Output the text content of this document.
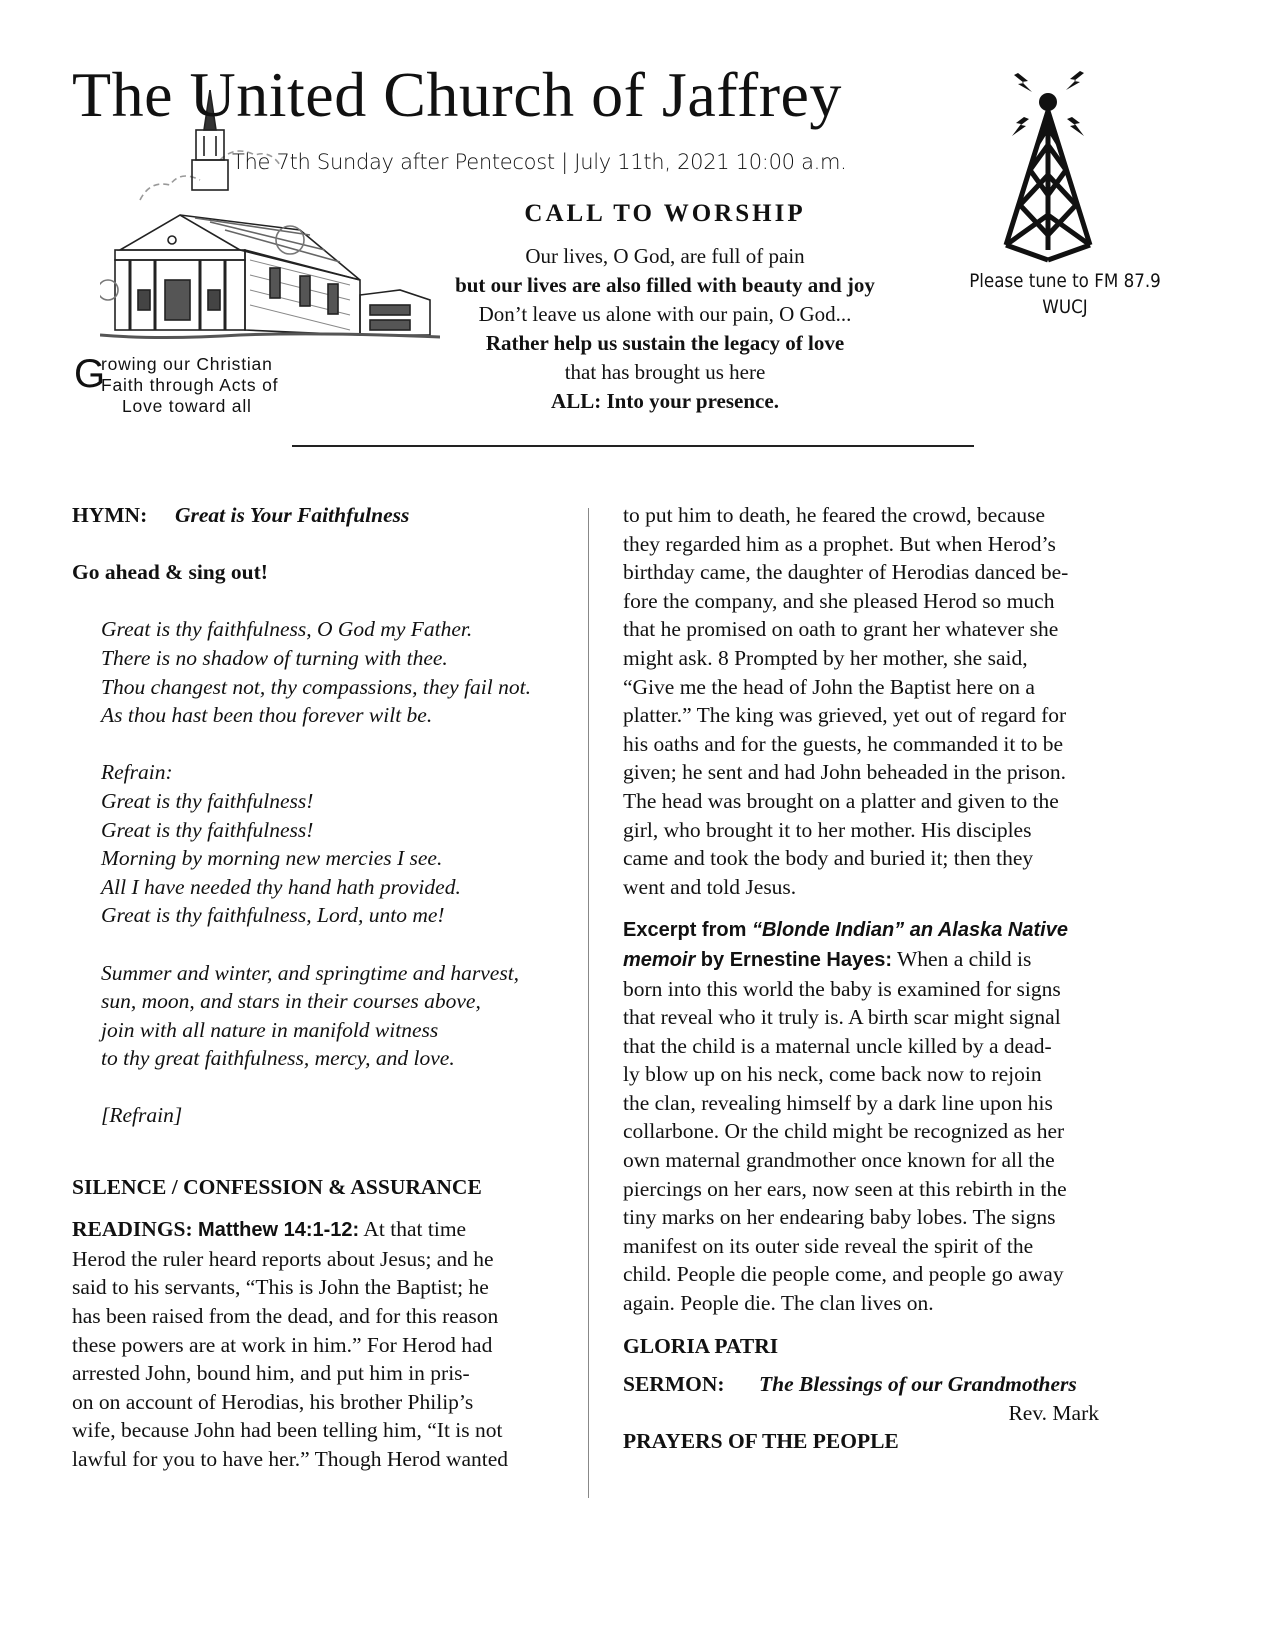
The United Church of Jaffrey
The 7th Sunday after Pentecost | July 11th, 2021 10:00 a.m.
CALL TO WORSHIP
Our lives, O God, are full of pain
but our lives are also filled with beauty and joy
Don’t leave us alone with our pain, O God...
Rather help us sustain the legacy of love
that has brought us here
ALL: Into your presence.
Please tune to FM 87.9
WUCJ
G
rowing our Christian
Faith through Acts of
Love toward all

HYMN: Great is Your Faithfulness

Go ahead & sing out!

Great is thy faithfulness, O God my Father.

There is no shadow of turning with thee.

Thou changest not, thy compassions, they fail not.

As thou hast been thou forever wilt be.

Refrain:

Great is thy faithfulness!

Great is thy faithfulness!

Morning by morning new mercies I see.

All I have needed thy hand hath provided.

Great is thy faithfulness, Lord, unto me!

Summer and winter, and springtime and harvest,

sun, moon, and stars in their courses above,

join with all nature in manifold witness

to thy great faithfulness, mercy, and love.

[Refrain]

SILENCE / CONFESSION & ASSURANCE

READINGS: Matthew 14:1-12: At that time

Herod the ruler heard reports about Jesus; and he

said to his servants, “This is John the Baptist; he

has been raised from the dead, and for this reason

these powers are at work in him.” For Herod had

arrested John, bound him, and put him in pris-

on on account of Herodias, his brother Philip’s

wife, because John had been telling him, “It is not

lawful for you to have her.” Though Herod wanted

to put him to death, he feared the crowd, because

they regarded him as a prophet. But when Herod’s

birthday came, the daughter of Herodias danced be-

fore the company, and she pleased Herod so much

that he promised on oath to grant her whatever she

might ask. 8 Prompted by her mother, she said,

“Give me the head of John the Baptist here on a

platter.” The king was grieved, yet out of regard for

his oaths and for the guests, he commanded it to be

given; he sent and had John beheaded in the prison.

The head was brought on a platter and given to the

girl, who brought it to her mother. His disciples

came and took the body and buried it; then they

went and told Jesus.

Excerpt from “Blonde Indian” an Alaska Native

memoir by Ernestine Hayes: When a child is

born into this world the baby is examined for signs

that reveal who it truly is. A birth scar might signal

that the child is a maternal uncle killed by a dead-

ly blow up on his neck, come back now to rejoin

the clan, revealing himself by a dark line upon his

collarbone. Or the child might be recognized as her

own maternal grandmother once known for all the

piercings on her ears, now seen at this rebirth in the

tiny marks on her endearing baby lobes. The signs

manifest on its outer side reveal the spirit of the

child. People die people come, and people go away

again. People die. The clan lives on.

GLORIA PATRI

SERMON: The Blessings of our Grandmothers

Rev. Mark

PRAYERS OF THE PEOPLE
